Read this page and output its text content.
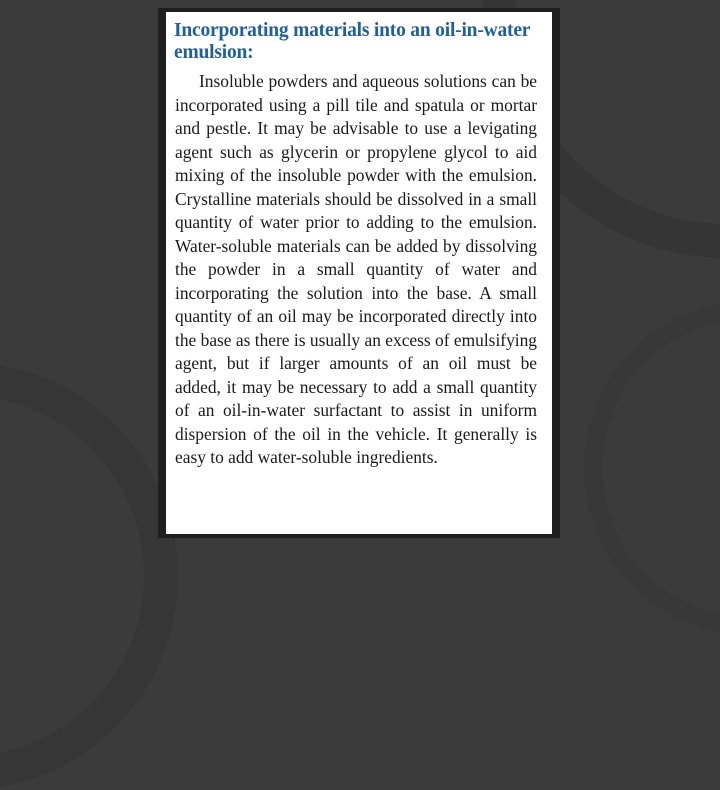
Incorporating materials into an oil-in-water emulsion:

Insoluble powders and aqueous solutions can be incorporated using a pill tile and spatula or mortar and pestle. It may be advisable to use a levigating agent such as glycerin or propylene glycol to aid mixing of the insoluble powder with the emulsion. Crystalline materials should be dissolved in a small quantity of water prior to adding to the emulsion. Water-soluble materials can be added by dissolving the powder in a small quantity of water and incorporating the solution into the base. A small quantity of an oil may be incorporated directly into the base as there is usually an excess of emulsifying agent, but if larger amounts of an oil must be added, it may be necessary to add a small quantity of an oil-in-water surfactant to assist in uniform dispersion of the oil in the vehicle. It generally is easy to add water-soluble ingredients.
